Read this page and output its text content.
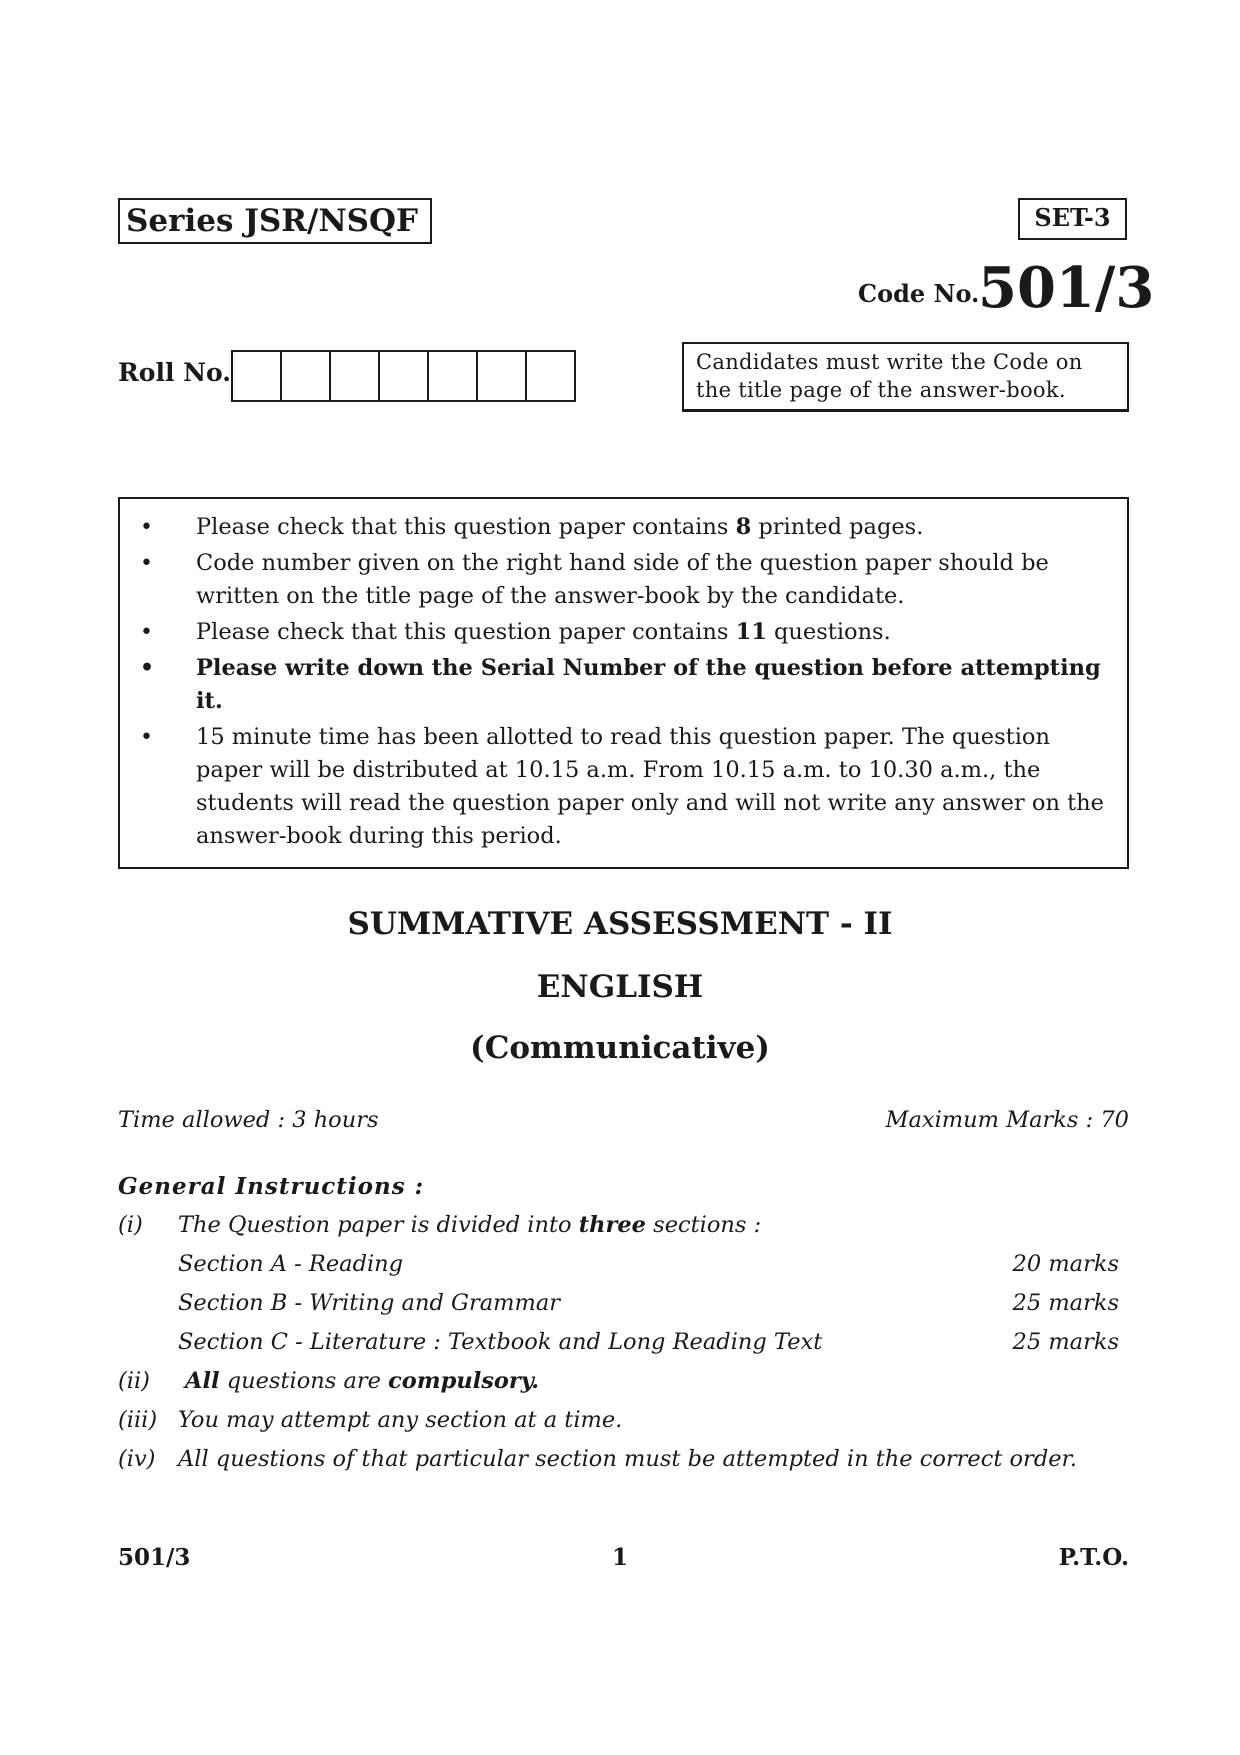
Series JSR/NSQF	SET-3
Code No.
501/3
Roll No.	Candidates must write the Code on the title page of the answer-book.
• Please check that this question paper contains 8 printed pages.
• Code number given on the right hand side of the question paper should be written on the title page of the answer-book by the candidate.
• Please check that this question paper contains 11 questions.
• Please write down the Serial Number of the question before attempting it.
• 15 minute time has been allotted to read this question paper. The question paper will be distributed at 10.15 a.m. From 10.15 a.m. to 10.30 a.m., the students will read the question paper only and will not write any answer on the answer-book during this period.
SUMMATIVE ASSESSMENT - II
ENGLISH
(Communicative)
Time allowed : 3 hours	Maximum Marks : 70
General Instructions :
(i) The Question paper is divided into three sections :
Section A - Reading	20 marks
Section B - Writing and Grammar	25 marks
Section C - Literature : Textbook and Long Reading Text	25 marks
(ii) All questions are compulsory.
(iii) You may attempt any section at a time.
(iv) All questions of that particular section must be attempted in the correct order.
501/3	1	P.T.O.
